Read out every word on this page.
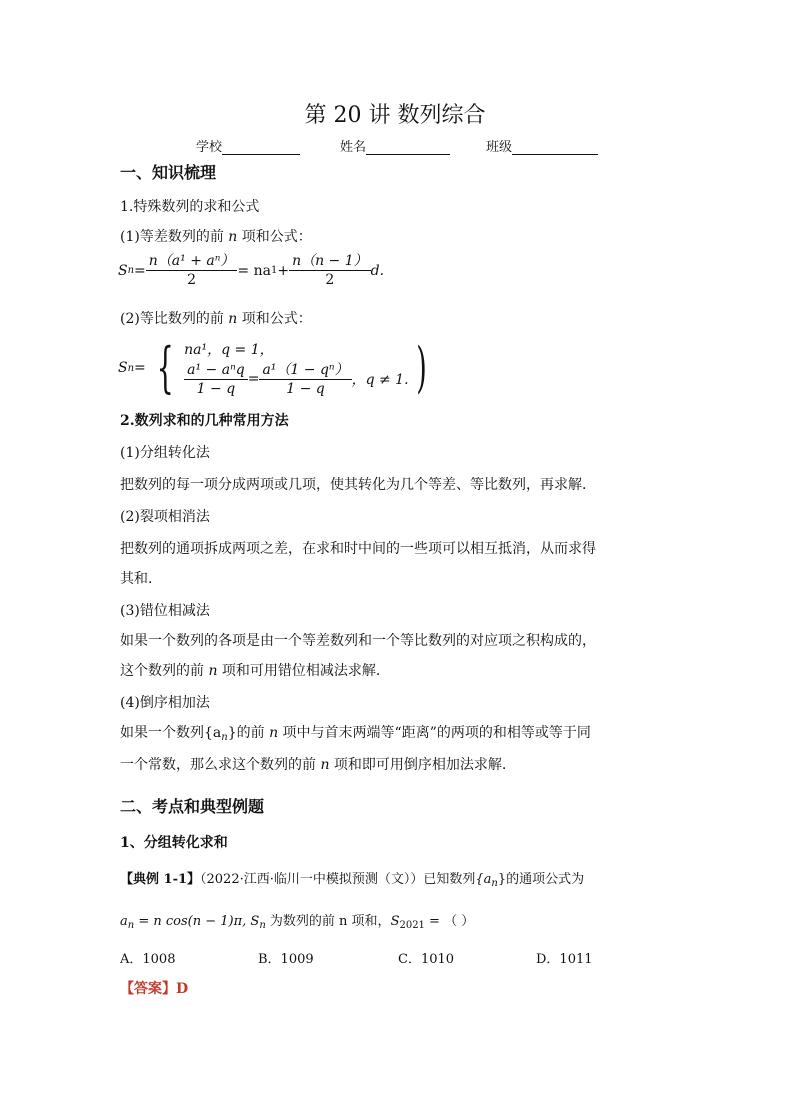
第 20 讲 数列综合
学校	姓名	班级
一、知识梳理
1.特殊数列的求和公式
(1)等差数列的前 n 项和公式：
S $n = \frac{\text{n（a¹ + aⁿ）}}{2}$ = na $1 + \frac{n(n - 1)}{2} d$.
(2)等比数列的前 n 项和公式：
S n = { na¹，q = 1，
$\frac{\text{a¹ − aⁿq}}{1 - q} = \frac{\text{a¹（1 − qⁿ）}}{1 - q}$ ，q ≠ 1. )
2.数列求和的几种常用方法
(1)分组转化法
把数列的每一项分成两项或几项，使其转化为几个等差、等比数列，再求解.
(2)裂项相消法
把数列的通项拆成两项之差，在求和时中间的一些项可以相互抵消，从而求得
其和.
(3)错位相减法
如果一个数列的各项是由一个等差数列和一个等比数列的对应项之积构成的，
这个数列的前 n 项和可用错位相减法求解.
(4)倒序相加法
如果一个数列$\{a_n\}$的前 n 项中与首末两端等“距离”的两项的和相等或等于同
一个常数，那么求这个数列的前 n 项和即可用倒序相加法求解.
二、考点和典型例题
1、分组转化求和
【典例 1-1】（2022·江西·临川一中模拟预测（文））已知数列$\{a_n\}$的通项公式为
$a_n = n$ cos(n − 1)π, $S_n$ 为数列的前 n 项和，$S_{2021}$ = （ ）
A．1008	B．1009	C．1010	D．1011
【答案】D
